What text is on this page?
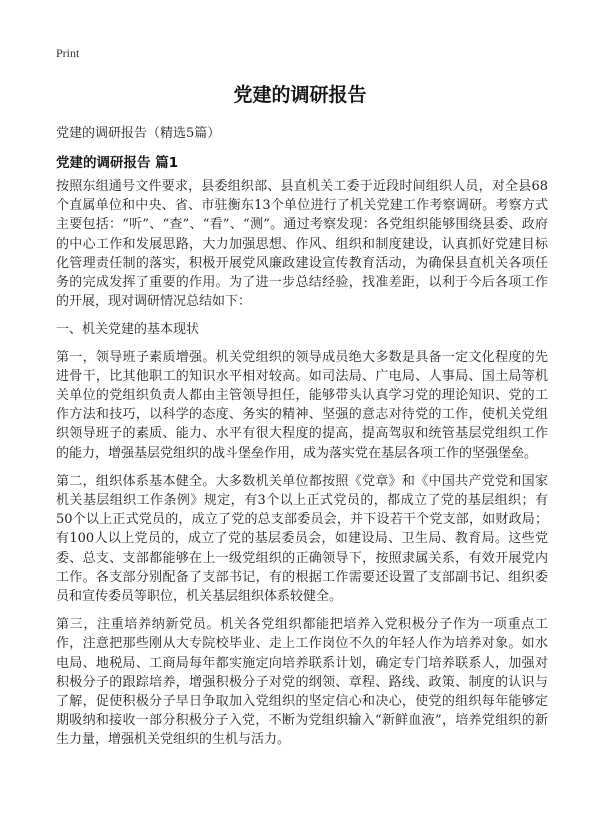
Print
党建的调研报告
党建的调研报告（精选5篇）
党建的调研报告 篇1

按照东组通号文件要求，县委组织部、县直机关工委于近段时间组织人员，对全县68个直属单位和中央、省、市驻衡东13个单位进行了机关党建工作考察调研。考察方式主要包括：“听”、“查”、“看”、“测”。通过考察发现：各党组织能够围绕县委、政府的中心工作和发展思路，大力加强思想、作风、组织和制度建设，认真抓好党建目标化管理责任制的落实，积极开展党风廉政建设宣传教育活动，为确保县直机关各项任务的完成发挥了重要的作用。为了进一步总结经验，找准差距，以利于今后各项工作的开展，现对调研情况总结如下：

一、机关党建的基本现状

第一，领导班子素质增强。机关党组织的领导成员绝大多数是具备一定文化程度的先进骨干，比其他职工的知识水平相对较高。如司法局、广电局、人事局、国土局等机关单位的党组织负责人都由主管领导担任，能够带头认真学习党的理论知识、党的工作方法和技巧，以科学的态度、务实的精神、坚强的意志对待党的工作，使机关党组织领导班子的素质、能力、水平有很大程度的提高，提高驾驭和统管基层党组织工作的能力，增强基层党组织的战斗堡垒作用，成为落实党在基层各项工作的坚强堡垒。

第二，组织体系基本健全。大多数机关单位都按照《党章》和《中国共产党党和国家机关基层组织工作条例》规定，有3个以上正式党员的，都成立了党的基层组织；有50个以上正式党员的，成立了党的总支部委员会，并下设若干个党支部，如财政局；有100人以上党员的，成立了党的基层委员会，如建设局、卫生局、教育局。这些党委、总支、支部都能够在上一级党组织的正确领导下，按照隶属关系，有效开展党内工作。各支部分别配备了支部书记，有的根据工作需要还设置了支部副书记、组织委员和宣传委员等职位，机关基层组织体系较健全。

第三，注重培养纳新党员。机关各党组织都能把培养入党积极分子作为一项重点工作，注意把那些刚从大专院校毕业、走上工作岗位不久的年轻人作为培养对象。如水电局、地税局、工商局每年都实施定向培养联系计划，确定专门培养联系人，加强对积极分子的跟踪培养，增强积极分子对党的纲领、章程、路线、政策、制度的认识与了解，促使积极分子早日争取加入党组织的坚定信心和决心，使党的组织每年能够定期吸纳和接收一部分积极分子入党，不断为党组织输入“新鲜血液”，培养党组织的新生力量，增强机关党组织的生机与活力。
